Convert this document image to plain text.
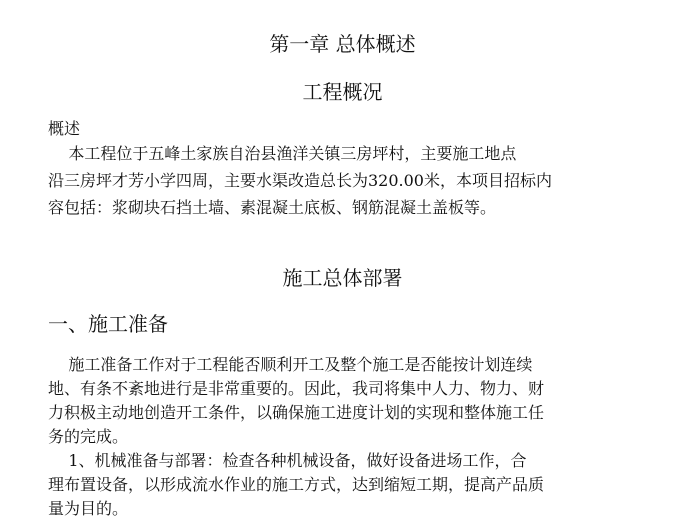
第一章 总体概述
工程概况
概述
本工程位于五峰土家族自治县渔洋关镇三房坪村，主要施工地点
沿三房坪才芳小学四周，主要水渠改造总长为320.00米，本项目招标内
容包括：浆砌块石挡土墙、素混凝土底板、钢筋混凝土盖板等。
施工总体部署
一、施工准备
施工准备工作对于工程能否顺利开工及整个施工是否能按计划连续
地、有条不紊地进行是非常重要的。因此，我司将集中人力、物力、财
力积极主动地创造开工条件，以确保施工进度计划的实现和整体施工任
务的完成。
1、机械准备与部署：检查各种机械设备，做好设备进场工作，合
理布置设备，以形成流水作业的施工方式，达到缩短工期，提高产品质
量为目的。
